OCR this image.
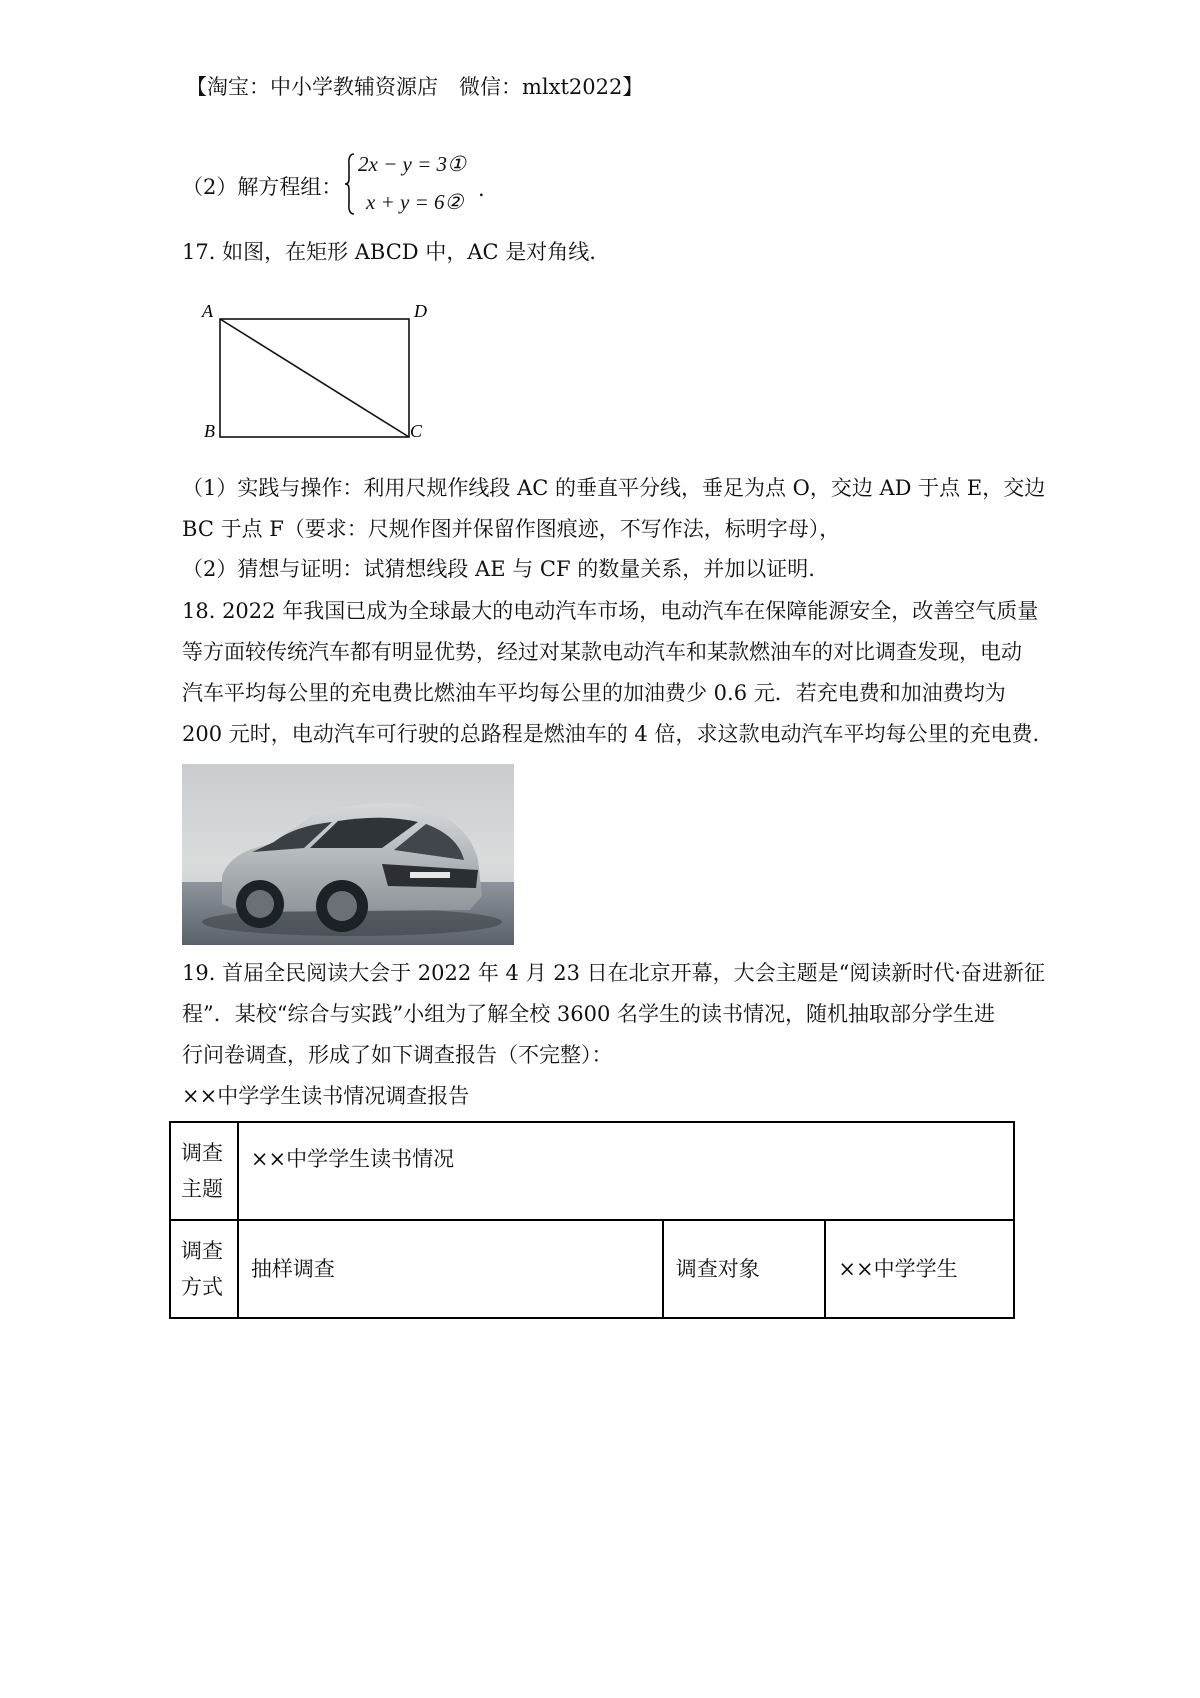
【淘宝：中小学教辅资源店　微信：mlxt2022】
（2）解方程组：
2x − y = 3①
x + y = 6②
.
17. 如图，在矩形 ABCD 中，AC 是对角线.
A	D
B	C
（1）实践与操作：利用尺规作线段 AC 的垂直平分线，垂足为点 O，交边 AD 于点 E，交边
BC 于点 F（要求：尺规作图并保留作图痕迹，不写作法，标明字母），
（2）猜想与证明：试猜想线段 AE 与 CF 的数量关系，并加以证明.
18. 2022 年我国已成为全球最大的电动汽车市场，电动汽车在保障能源安全，改善空气质量
等方面较传统汽车都有明显优势，经过对某款电动汽车和某款燃油车的对比调查发现，电动
汽车平均每公里的充电费比燃油车平均每公里的加油费少 0.6 元．若充电费和加油费均为
200 元时，电动汽车可行驶的总路程是燃油车的 4 倍，求这款电动汽车平均每公里的充电费.
19. 首届全民阅读大会于 2022 年 4 月 23 日在北京开幕，大会主题是“阅读新时代·奋进新征
程”．某校“综合与实践”小组为了解全校 3600 名学生的读书情况，随机抽取部分学生进
行问卷调查，形成了如下调查报告（不完整）：
××中学学生读书情况调查报告
调查
主题	××中学学生读书情况		

调查
方式	抽样调查	调查对象	××中学学生
